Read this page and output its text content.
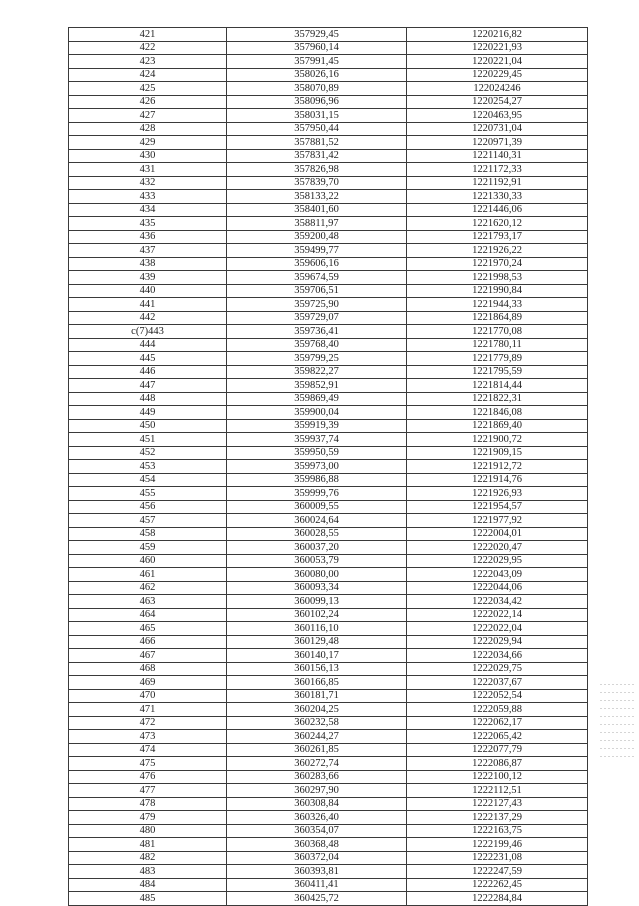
421	357929,45	1220216,82
422	357960,14	1220221,93
423	357991,45	1220221,04
424	358026,16	1220229,45
425	358070,89	122024246
426	358096,96	1220254,27
427	358031,15	1220463,95
428	357950,44	1220731,04
429	357881,52	1220971,39
430	357831,42	1221140,31
431	357826,98	1221172,33
432	357839,70	1221192,91
433	358133,22	1221330,33
434	358401,60	1221446,06
435	358811,97	1221620,12
436	359200,48	1221793,17
437	359499,77	1221926,22
438	359606,16	1221970,24
439	359674,59	1221998,53
440	359706,51	1221990,84
441	359725,90	1221944,33
442	359729,07	1221864,89
c(7)443	359736,41	1221770,08
444	359768,40	1221780,11
445	359799,25	1221779,89
446	359822,27	1221795,59
447	359852,91	1221814,44
448	359869,49	1221822,31
449	359900,04	1221846,08
450	359919,39	1221869,40
451	359937,74	1221900,72
452	359950,59	1221909,15
453	359973,00	1221912,72
454	359986,88	1221914,76
455	359999,76	1221926,93
456	360009,55	1221954,57
457	360024,64	1221977,92
458	360028,55	1222004,01
459	360037,20	1222020,47
460	360053,79	1222029,95
461	360080,00	1222043,09
462	360093,34	1222044,06
463	360099,13	1222034,42
464	360102,24	1222022,14
465	360116,10	1222022,04
466	360129,48	1222029,94
467	360140,17	1222034,66
468	360156,13	1222029,75
469	360166,85	1222037,67
470	360181,71	1222052,54
471	360204,25	1222059,88
472	360232,58	1222062,17
473	360244,27	1222065,42
474	360261,85	1222077,79
475	360272,74	1222086,87
476	360283,66	1222100,12
477	360297,90	1222112,51
478	360308,84	1222127,43
479	360326,40	1222137,29
480	360354,07	1222163,75
481	360368,48	1222199,46
482	360372,04	1222231,08
483	360393,81	1222247,59
484	360411,41	1222262,45
485	360425,72	1222284,84
